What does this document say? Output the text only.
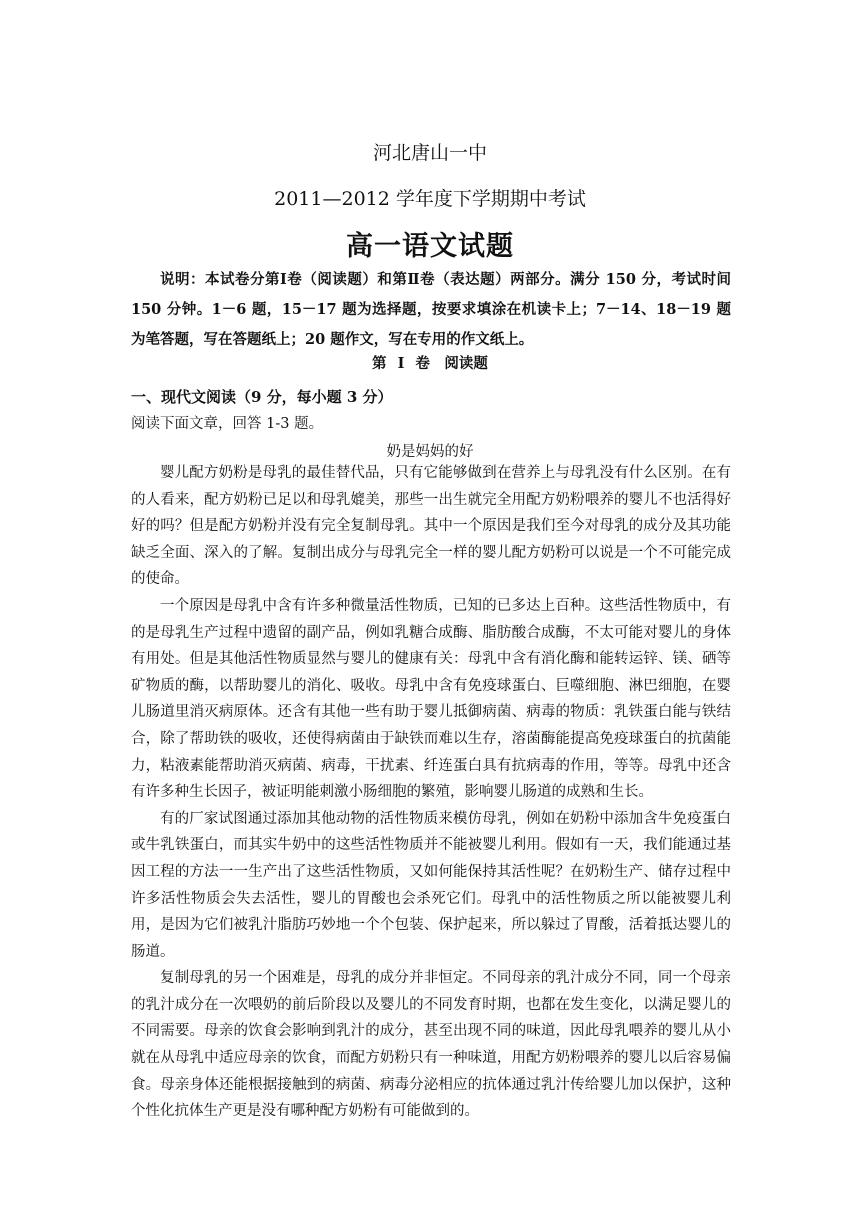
河北唐山一中
2011—2012 学年度下学期期中考试
高一语文试题
说明：本试卷分第Ⅰ卷（阅读题）和第Ⅱ卷（表达题）两部分。满分 150 分，考试时间 150 分钟。1－6 题，15－17 题为选择题，按要求填涂在机读卡上；7－14、18－19 题为笔答题，写在答题纸上；20 题作文，写在专用的作文纸上。
第 I 卷　阅读题
一、现代文阅读（9 分，每小题 3 分）
阅读下面文章，回答 1-3 题。
奶是妈妈的好

婴儿配方奶粉是母乳的最佳替代品，只有它能够做到在营养上与母乳没有什么区别。在有的人看来，配方奶粉已足以和母乳媲美，那些一出生就完全用配方奶粉喂养的婴儿不也活得好好的吗？但是配方奶粉并没有完全复制母乳。其中一个原因是我们至今对母乳的成分及其功能缺乏全面、深入的了解。复制出成分与母乳完全一样的婴儿配方奶粉可以说是一个不可能完成的使命。

一个原因是母乳中含有许多种微量活性物质，已知的已多达上百种。这些活性物质中，有的是母乳生产过程中遗留的副产品，例如乳糖合成酶、脂肪酸合成酶，不太可能对婴儿的身体有用处。但是其他活性物质显然与婴儿的健康有关：母乳中含有消化酶和能转运锌、镁、硒等矿物质的酶，以帮助婴儿的消化、吸收。母乳中含有免疫球蛋白、巨噬细胞、淋巴细胞，在婴儿肠道里消灭病原体。还含有其他一些有助于婴儿抵御病菌、病毒的物质：乳铁蛋白能与铁结合，除了帮助铁的吸收，还使得病菌由于缺铁而难以生存，溶菌酶能提高免疫球蛋白的抗菌能力，粘液素能帮助消灭病菌、病毒，干扰素、纤连蛋白具有抗病毒的作用，等等。母乳中还含有许多种生长因子，被证明能刺激小肠细胞的繁殖，影响婴儿肠道的成熟和生长。

有的厂家试图通过添加其他动物的活性物质来模仿母乳，例如在奶粉中添加含牛免疫蛋白或牛乳铁蛋白，而其实牛奶中的这些活性物质并不能被婴儿利用。假如有一天，我们能通过基因工程的方法一一生产出了这些活性物质，又如何能保持其活性呢？在奶粉生产、储存过程中许多活性物质会失去活性，婴儿的胃酸也会杀死它们。母乳中的活性物质之所以能被婴儿利用，是因为它们被乳汁脂肪巧妙地一个个包装、保护起来，所以躲过了胃酸，活着抵达婴儿的肠道。

复制母乳的另一个困难是，母乳的成分并非恒定。不同母亲的乳汁成分不同，同一个母亲的乳汁成分在一次喂奶的前后阶段以及婴儿的不同发育时期，也都在发生变化，以满足婴儿的不同需要。母亲的饮食会影响到乳汁的成分，甚至出现不同的味道，因此母乳喂养的婴儿从小就在从母乳中适应母亲的饮食，而配方奶粉只有一种味道，用配方奶粉喂养的婴儿以后容易偏食。母亲身体还能根据接触到的病菌、病毒分泌相应的抗体通过乳汁传给婴儿加以保护，这种个性化抗体生产更是没有哪种配方奶粉有可能做到的。
